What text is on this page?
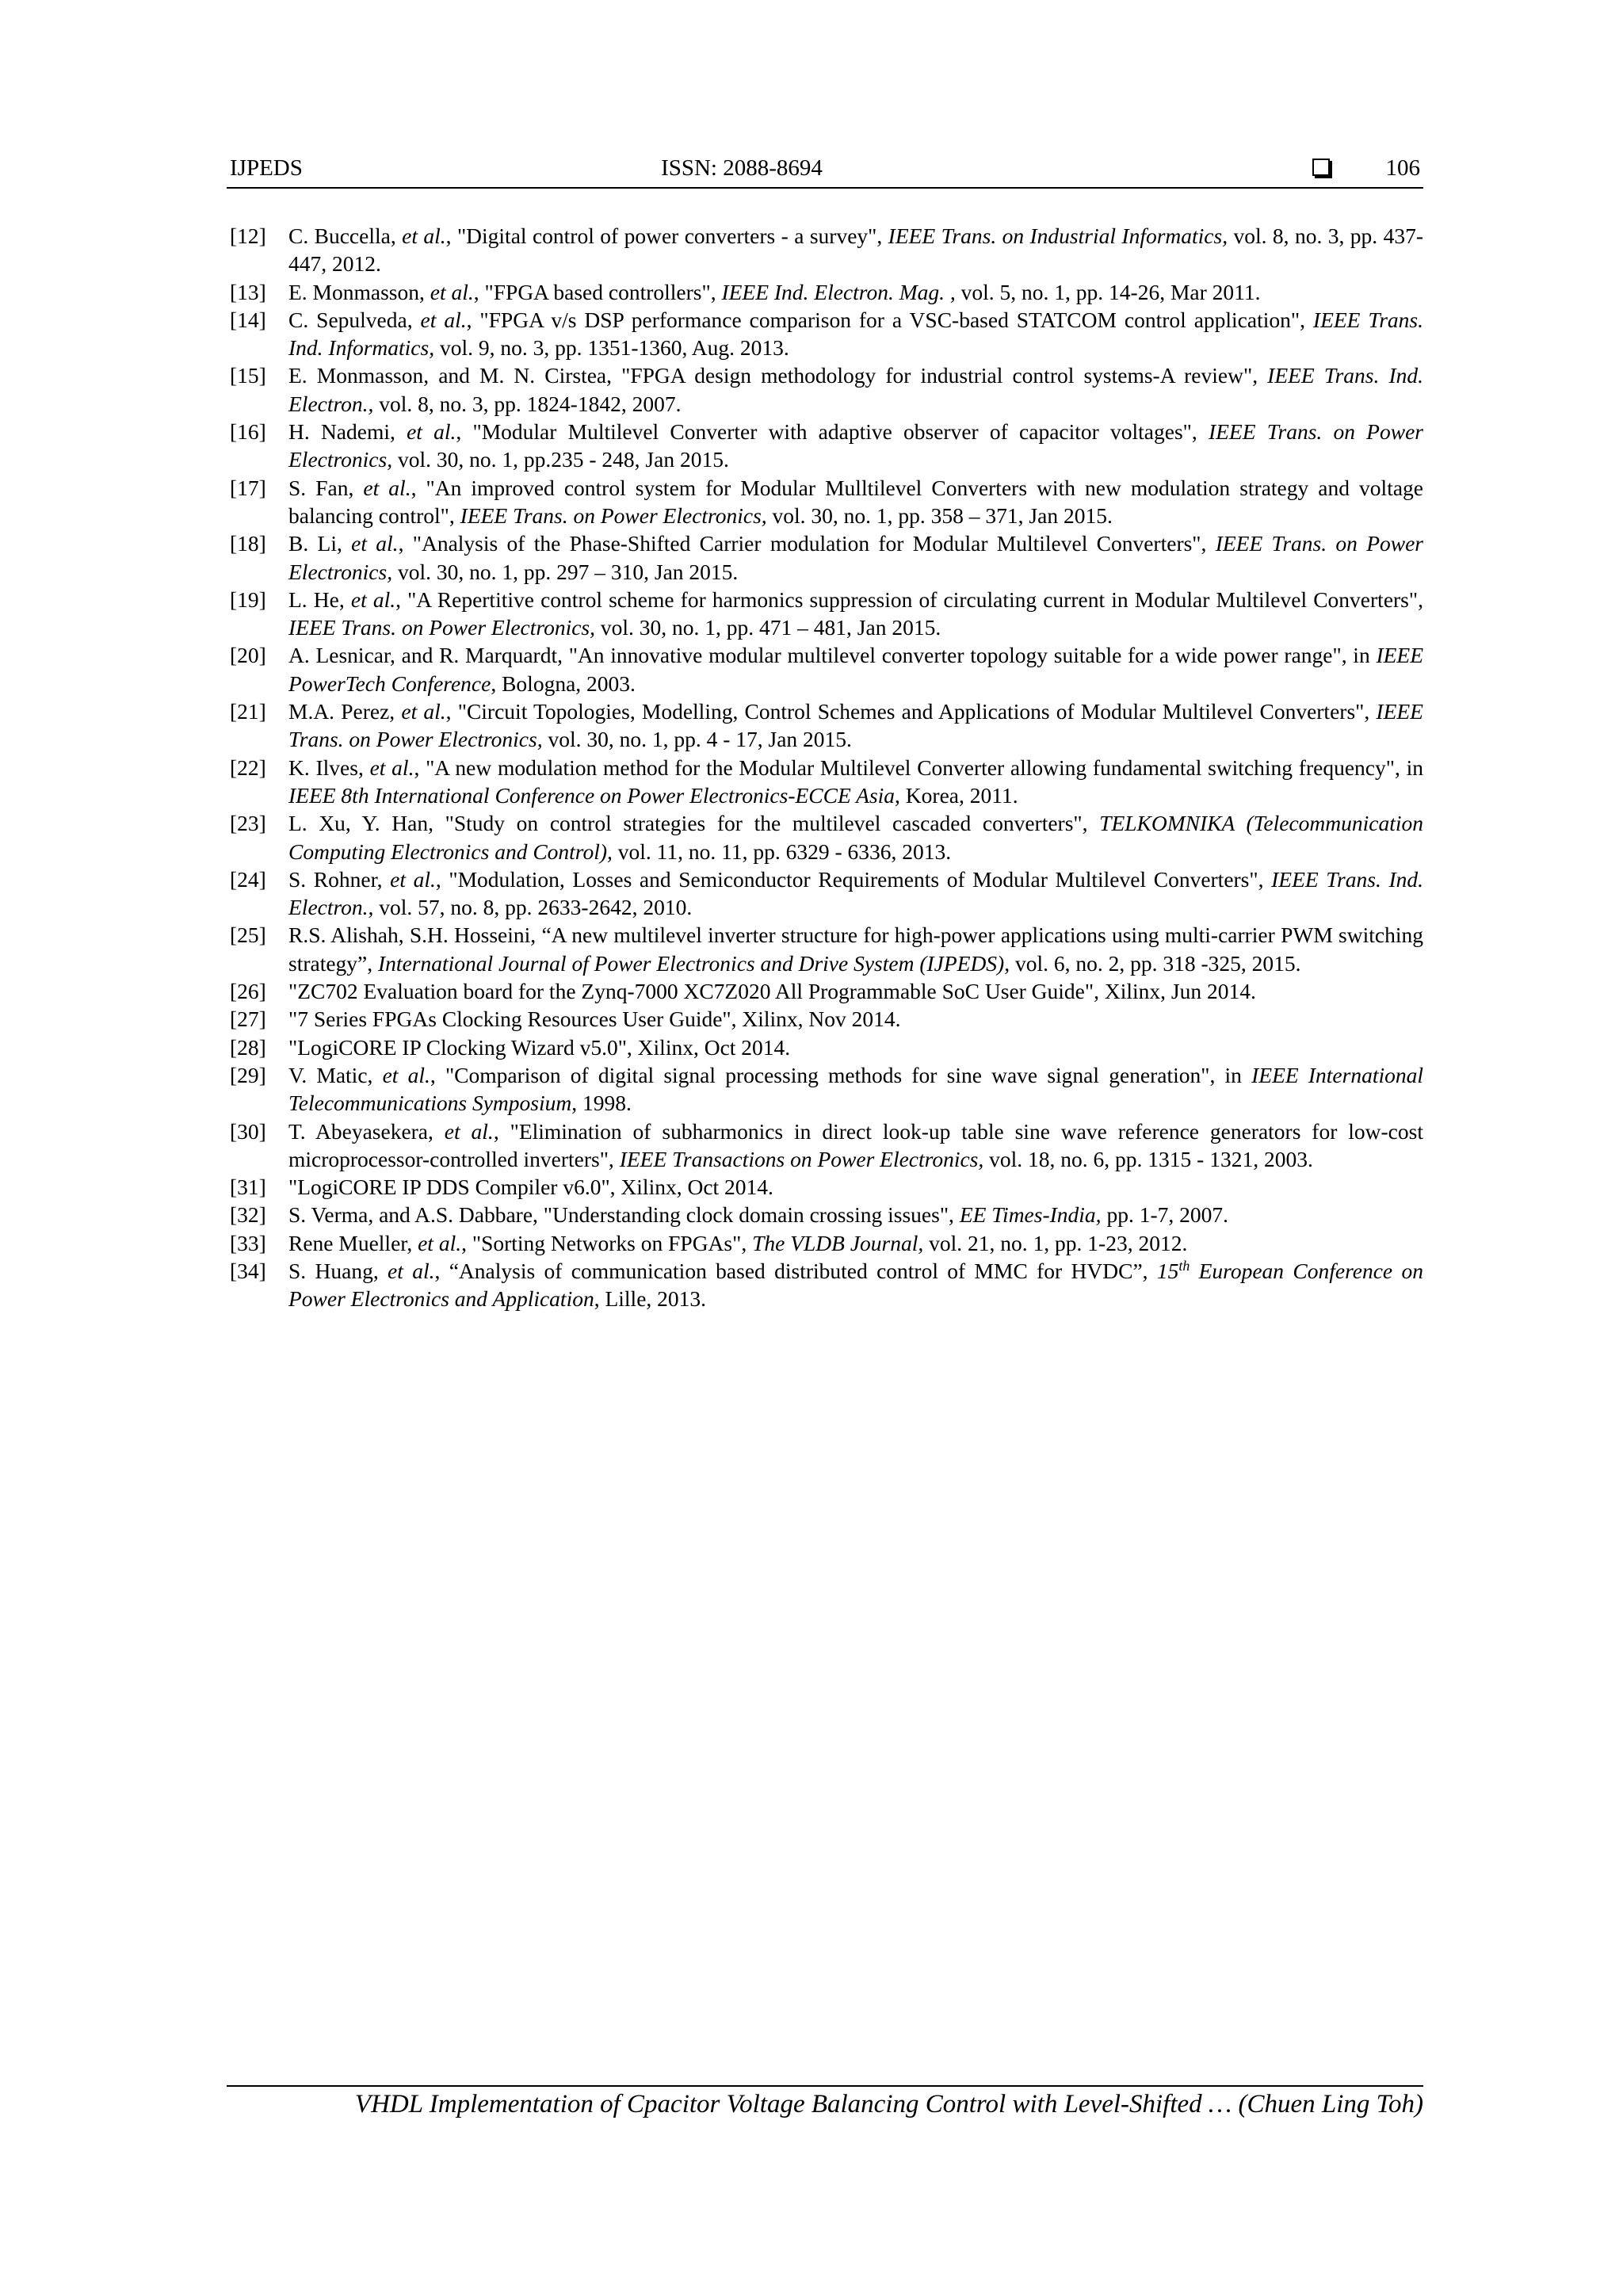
IJPEDS	ISSN: 2088-8694	106
[12]	C. Buccella, et al., "Digital control of power converters - a survey", IEEE Trans. on Industrial Informatics, vol. 8, no. 3, pp. 437-447, 2012.
[13]	E. Monmasson, et al., "FPGA based controllers", IEEE Ind. Electron. Mag. , vol. 5, no. 1, pp. 14-26, Mar 2011.
[14]	C. Sepulveda, et al., "FPGA v/s DSP performance comparison for a VSC-based STATCOM control application", IEEE Trans. Ind. Informatics, vol. 9, no. 3, pp. 1351-1360, Aug. 2013.
[15]	E. Monmasson, and M. N. Cirstea, "FPGA design methodology for industrial control systems-A review", IEEE Trans. Ind. Electron., vol. 8, no. 3, pp. 1824-1842, 2007.
[16]	H. Nademi, et al., "Modular Multilevel Converter with adaptive observer of capacitor voltages", IEEE Trans. on Power Electronics, vol. 30, no. 1, pp.235 - 248, Jan 2015.
[17]	S. Fan, et al., "An improved control system for Modular Mulltilevel Converters with new modulation strategy and voltage balancing control", IEEE Trans. on Power Electronics, vol. 30, no. 1, pp. 358 – 371, Jan 2015.
[18]	B. Li, et al., "Analysis of the Phase-Shifted Carrier modulation for Modular Multilevel Converters", IEEE Trans. on Power Electronics, vol. 30, no. 1, pp. 297 – 310, Jan 2015.
[19]	L. He, et al., "A Repertitive control scheme for harmonics suppression of circulating current in Modular Multilevel Converters", IEEE Trans. on Power Electronics, vol. 30, no. 1, pp. 471 – 481, Jan 2015.
[20]	A. Lesnicar, and R. Marquardt, "An innovative modular multilevel converter topology suitable for a wide power range", in IEEE PowerTech Conference, Bologna, 2003.
[21]	M.A. Perez, et al., "Circuit Topologies, Modelling, Control Schemes and Applications of Modular Multilevel Converters", IEEE Trans. on Power Electronics, vol. 30, no. 1, pp. 4 - 17, Jan 2015.
[22]	K. Ilves, et al., "A new modulation method for the Modular Multilevel Converter allowing fundamental switching frequency", in IEEE 8th International Conference on Power Electronics-ECCE Asia, Korea, 2011.
[23]	L. Xu, Y. Han, "Study on control strategies for the multilevel cascaded converters", TELKOMNIKA (Telecommunication Computing Electronics and Control), vol. 11, no. 11, pp. 6329 - 6336, 2013.
[24]	S. Rohner, et al., "Modulation, Losses and Semiconductor Requirements of Modular Multilevel Converters", IEEE Trans. Ind. Electron., vol. 57, no. 8, pp. 2633-2642, 2010.
[25]	R.S. Alishah, S.H. Hosseini, “A new multilevel inverter structure for high-power applications using multi-carrier PWM switching strategy”, International Journal of Power Electronics and Drive System (IJPEDS), vol. 6, no. 2, pp. 318 -325, 2015.
[26]	"ZC702 Evaluation board for the Zynq-7000 XC7Z020 All Programmable SoC User Guide", Xilinx, Jun 2014.
[27]	"7 Series FPGAs Clocking Resources User Guide", Xilinx, Nov 2014.
[28]	"LogiCORE IP Clocking Wizard v5.0", Xilinx, Oct 2014.
[29]	V. Matic, et al., "Comparison of digital signal processing methods for sine wave signal generation", in IEEE International Telecommunications Symposium, 1998.
[30]	T. Abeyasekera, et al., "Elimination of subharmonics in direct look-up table sine wave reference generators for low-cost microprocessor-controlled inverters", IEEE Transactions on Power Electronics, vol. 18, no. 6, pp. 1315 - 1321, 2003.
[31]	"LogiCORE IP DDS Compiler v6.0", Xilinx, Oct 2014.
[32]	S. Verma, and A.S. Dabbare, "Understanding clock domain crossing issues", EE Times-India, pp. 1-7, 2007.
[33]	Rene Mueller, et al., "Sorting Networks on FPGAs", The VLDB Journal, vol. 21, no. 1, pp. 1-23, 2012.
[34]	S. Huang, et al., “Analysis of communication based distributed control of MMC for HVDC”, 15th European Conference on Power Electronics and Application, Lille, 2013.
VHDL Implementation of Cpacitor Voltage Balancing Control with Level-Shifted … (Chuen Ling Toh)
